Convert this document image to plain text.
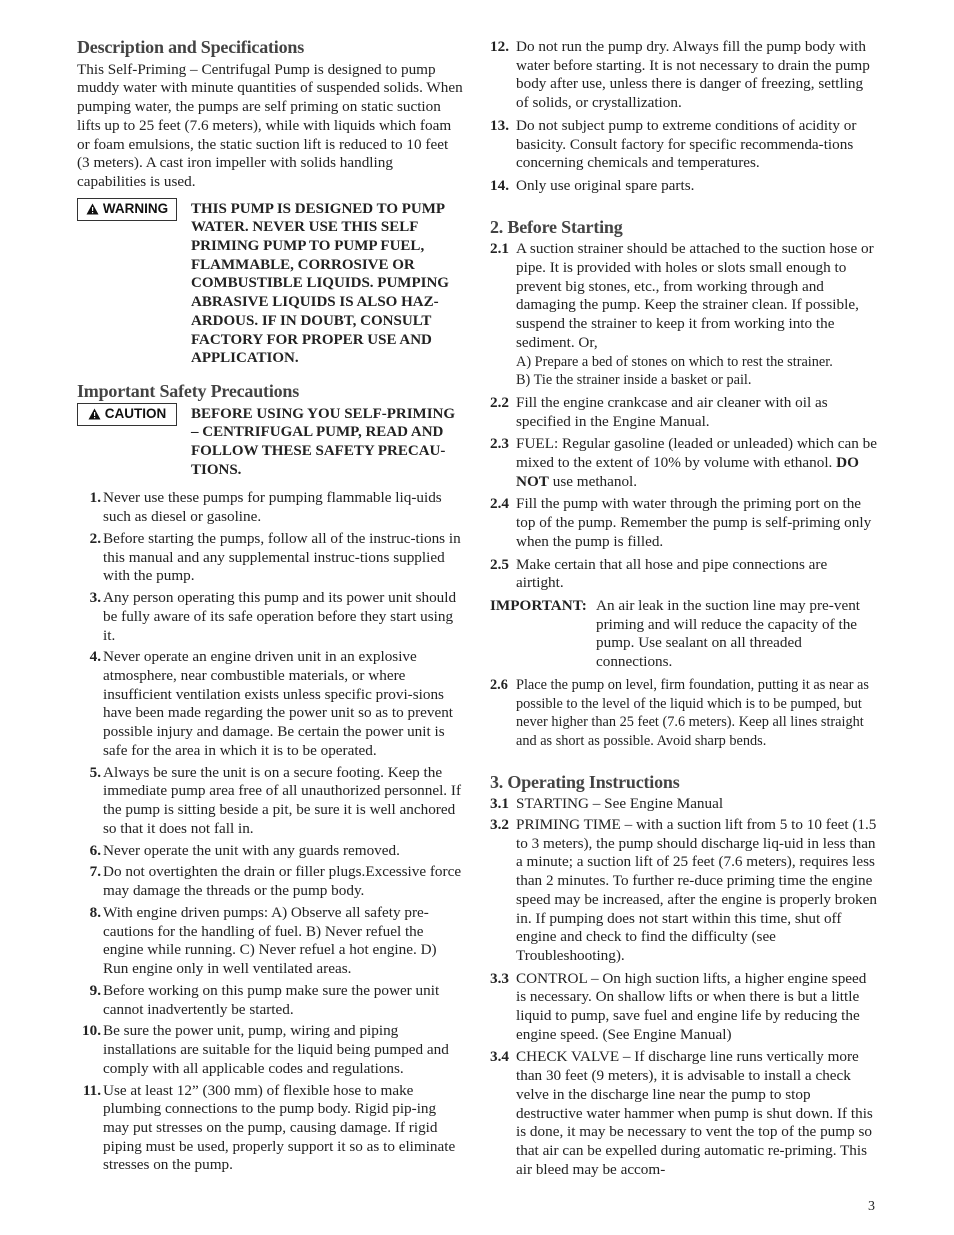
Description and Specifications

This Self-Priming – Centrifugal Pump is designed to pump muddy water with minute quantities of suspended solids. When pumping water, the pumps are self priming on static suction lifts up to 25 feet (7.6 meters), while with liquids which foam or foam emulsions, the static suction lift is reduced to 10 feet (3 meters). A cast iron impeller with solids handling capabilities is used.

WARNING THIS PUMP IS DESIGNED TO PUMP WATER. NEVER USE THIS SELF PRIMING PUMP TO PUMP FUEL, FLAMMABLE, CORROSIVE OR COMBUSTIBLE LIQUIDS. PUMPING ABRASIVE LIQUIDS IS ALSO HAZ-ARDOUS. IF IN DOUBT, CONSULT FACTORY FOR PROPER USE AND APPLICATION.
Important Safety Precautions
CAUTION BEFORE USING YOU SELF-PRIMING – CENTRIFUGAL PUMP, READ AND FOLLOW THESE SAFETY PRECAU-TIONS.
1. Never use these pumps for pumping flammable liq-uids such as diesel or gasoline.
2. Before starting the pumps, follow all of the instruc-tions in this manual and any supplemental instruc-tions supplied with the pump.
3. Any person operating this pump and its power unit should be fully aware of its safe operation before they start using it.
4. Never operate an engine driven unit in an explosive atmosphere, near combustible materials, or where insufficient ventilation exists unless specific provi-sions have been made regarding the power unit so as to prevent possible injury and damage. Be certain the power unit is safe for the area in which it is to be operated.
5. Always be sure the unit is on a secure footing. Keep the immediate pump area free of all unauthorized personnel. If the pump is sitting beside a pit, be sure it is well anchored so that it does not fall in.
6. Never operate the unit with any guards removed.
7. Do not overtighten the drain or filler plugs.Excessive force may damage the threads or the pump body.
8. With engine driven pumps: A) Observe all safety pre-cautions for the handling of fuel. B) Never refuel the engine while running. C) Never refuel a hot engine. D) Run engine only in well ventilated areas.
9. Before working on this pump make sure the power unit cannot inadvertently be started.
10. Be sure the power unit, pump, wiring and piping installations are suitable for the liquid being pumped and comply with all applicable codes and regulations.
11. Use at least 12” (300 mm) of flexible hose to make plumbing connections to the pump body. Rigid pip-ing may put stresses on the pump, causing damage. If rigid piping must be used, properly support it so as to eliminate stresses on the pump.
12. Do not run the pump dry. Always fill the pump body with water before starting. It is not necessary to drain the pump body after use, unless there is danger of freezing, settling of solids, or crystallization.
13. Do not subject pump to extreme conditions of acidity or basicity. Consult factory for specific recommenda-tions concerning chemicals and temperatures.
14. Only use original spare parts.
2. Before Starting
2.1 A suction strainer should be attached to the suction hose or pipe. It is provided with holes or slots small enough to prevent big stones, etc., from working through and damaging the pump. Keep the strainer clean. If possible, suspend the strainer to keep it from working into the sediment. Or,
A) Prepare a bed of stones on which to rest the strainer.
B) Tie the strainer inside a basket or pail.
2.2 Fill the engine crankcase and air cleaner with oil as specified in the Engine Manual.
2.3 FUEL: Regular gasoline (leaded or unleaded) which can be mixed to the extent of 10% by volume with ethanol. DO NOT use methanol.
2.4 Fill the pump with water through the priming port on the top of the pump. Remember the pump is self-priming only when the pump is filled.
2.5 Make certain that all hose and pipe connections are airtight.
IMPORTANT: An air leak in the suction line may pre-vent priming and will reduce the capacity of the pump. Use sealant on all threaded connections.
2.6 Place the pump on level, firm foundation, putting it as near as possible to the level of the liquid which is to be pumped, but never higher than 25 feet (7.6 meters). Keep all lines straight and as short as possible. Avoid sharp bends.
3. Operating Instructions
3.1 STARTING – See Engine Manual
3.2 PRIMING TIME – with a suction lift from 5 to 10 feet (1.5 to 3 meters), the pump should discharge liq-uid in less than a minute; a suction lift of 25 feet (7.6 meters), requires less than 2 minutes. To further re-duce priming time the engine speed may be increased, after the engine is properly broken in. If pumping does not start within this time, shut off engine and check to find the difficulty (see Troubleshooting).
3.3 CONTROL – On high suction lifts, a higher engine speed is necessary. On shallow lifts or when there is but a little liquid to pump, save fuel and engine life by reducing the engine speed. (See Engine Manual)
3.4 CHECK VALVE – If discharge line runs vertically more than 30 feet (9 meters), it is advisable to install a check velve in the discharge line near the pump to stop destructive water hammer when pump is shut down. If this is done, it may be necessary to vent the top of the pump so that air can be expelled during automatic re-priming. This air bleed may be accom-
3
